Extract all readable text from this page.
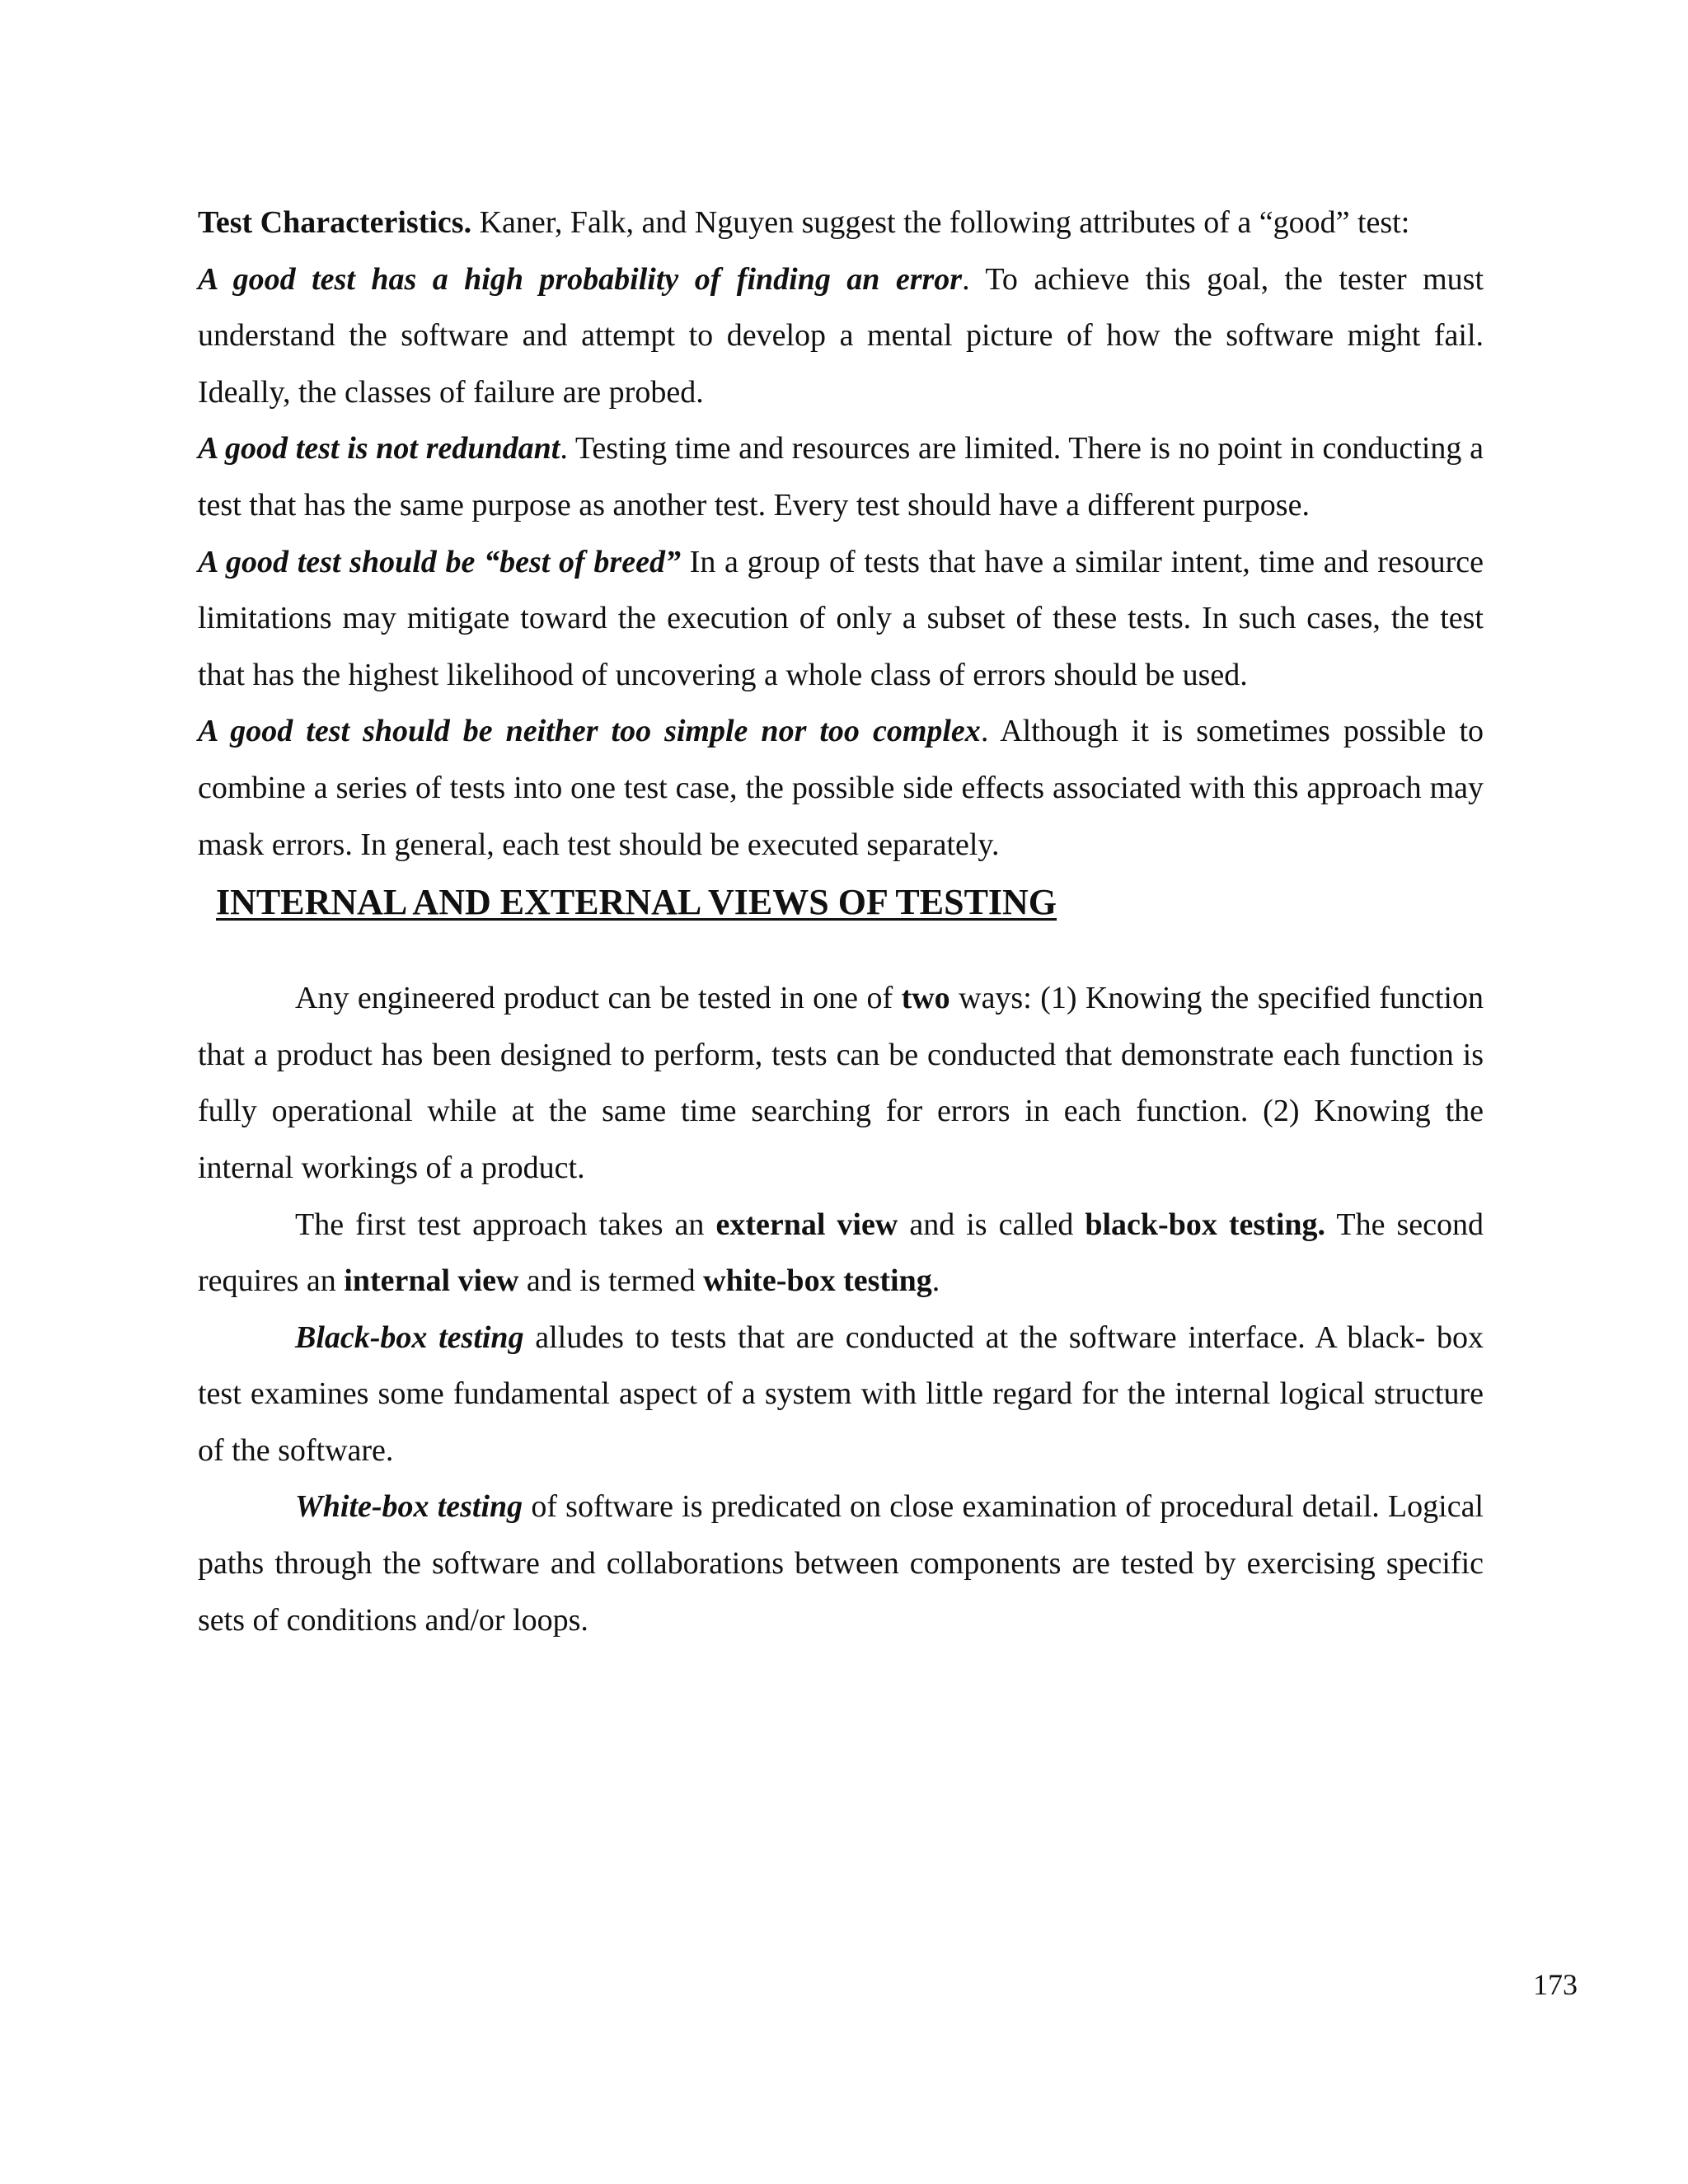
Test Characteristics. Kaner, Falk, and Nguyen suggest the following attributes of a “good” test:

A good test has a high probability of finding an error. To achieve this goal, the tester must understand the software and attempt to develop a mental picture of how the software might fail. Ideally, the classes of failure are probed.

A good test is not redundant. Testing time and resources are limited. There is no point in conducting a test that has the same purpose as another test. Every test should have a different purpose.

A good test should be “best of breed” In a group of tests that have a similar intent, time and resource limitations may mitigate toward the execution of only a subset of these tests. In such cases, the test that has the highest likelihood of uncovering a whole class of errors should be used.

A good test should be neither too simple nor too complex. Although it is sometimes possible to combine a series of tests into one test case, the possible side effects associated with this approach may mask errors. In general, each test should be executed separately.

INTERNAL AND EXTERNAL VIEWS OF TESTING

Any engineered product can be tested in one of two ways: (1) Knowing the specified function that a product has been designed to perform, tests can be conducted that demonstrate each function is fully operational while at the same time searching for errors in each function. (2) Knowing the internal workings of a product.

The first test approach takes an external view and is called black-box testing. The second requires an internal view and is termed white-box testing.

Black-box testing alludes to tests that are conducted at the software interface. A black- box test examines some fundamental aspect of a system with little regard for the internal logical structure of the software.

White-box testing of software is predicated on close examination of procedural detail. Logical paths through the software and collaborations between components are tested by exercising specific sets of conditions and/or loops.

173
